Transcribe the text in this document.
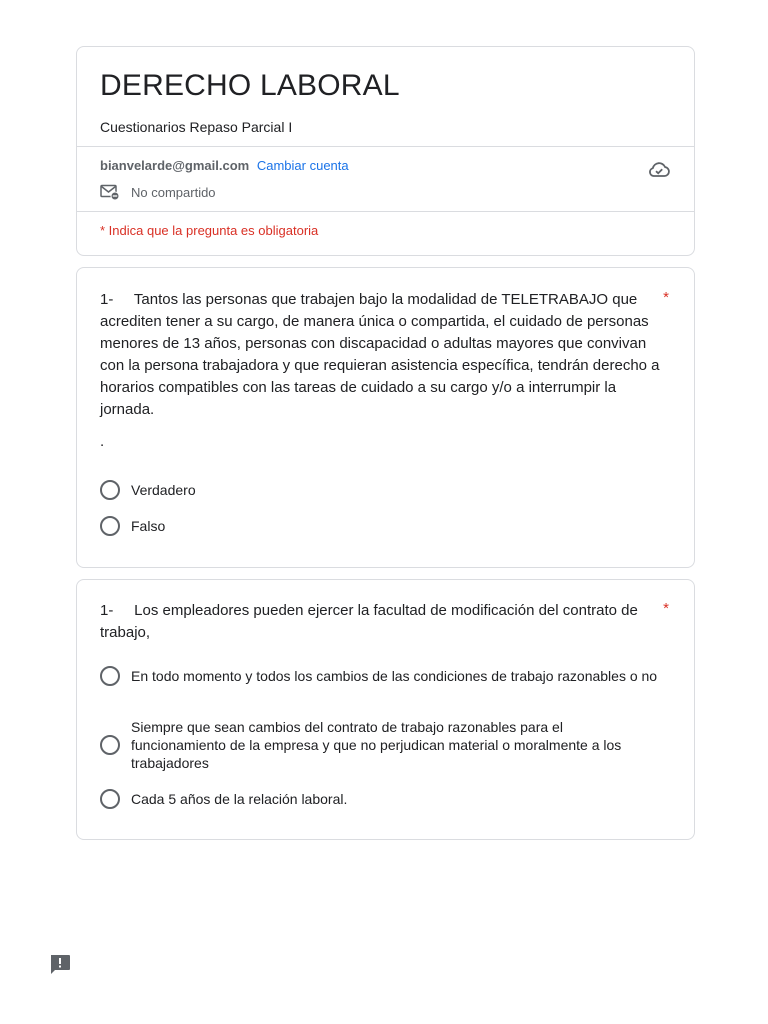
DERECHO LABORAL
Cuestionarios Repaso Parcial I
bianvelarde@gmail.com Cambiar cuenta
No compartido
* Indica que la pregunta es obligatoria
1-     Tantos las personas que trabajen bajo la modalidad de TELETRABAJO que acrediten tener a su cargo, de manera única o compartida, el cuidado de personas menores de 13 años, personas con discapacidad o adultas mayores que convivan con la persona trabajadora y que requieran asistencia específica, tendrán derecho a horarios compatibles con las tareas de cuidado a su cargo y/o a interrumpir la jornada.
*
.
Verdadero
Falso
1-     Los empleadores pueden ejercer la facultad de modificación del contrato de trabajo,
*
En todo momento y todos los cambios de las condiciones de trabajo razonables o no
Siempre que sean cambios del contrato de trabajo razonables para el funcionamiento de la empresa y que no perjudican material o moralmente a los trabajadores
Cada 5 años de la relación laboral.
